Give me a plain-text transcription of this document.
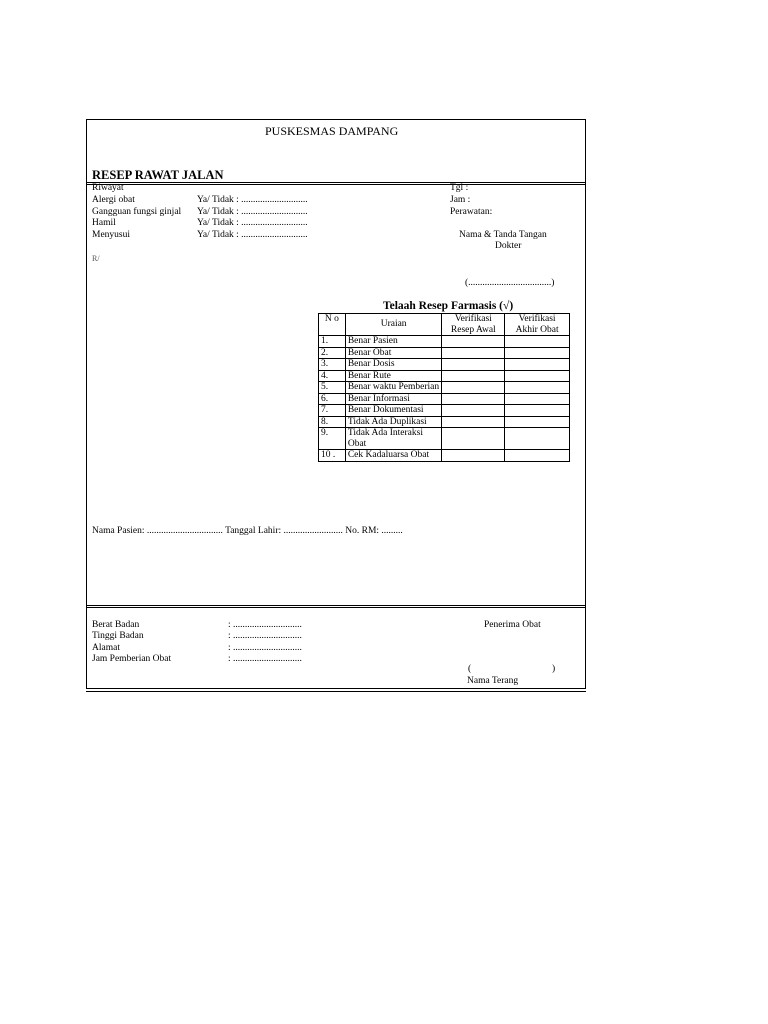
PUSKESMAS DAMPANG
RESEP RAWAT JALAN
Riwayat
Alergi obat	Ya/ Tidak : ............................
Gangguan fungsi ginjal Ya/ Tidak : ............................
Hamil	Ya/ Tidak : ............................
Menyusui	Ya/ Tidak : ............................
Tgl :
Jam :
Perawatan:
Nama & Tanda Tangan
Dokter
(...................................)
R/
Telaah Resep Farmasis (√)
N o	Uraian	Verifikasi Resep Awal	Verifikasi Akhir Obat
1.	Benar Pasien		
2.	Benar Obat		
3.	Benar Dosis		
4.	Benar Rute		
5.	Benar waktu Pemberian		
6.	Benar Informasi		
7.	Benar Dokumentasi		
8.	Tidak Ada Duplikasi		
9.	Tidak Ada Interaksi Obat		
10 .	Cek Kadaluarsa Obat		
Nama Pasien: ................................ Tanggal Lahir: ......................... No. RM: .........
Berat Badan	: .............................
Tinggi Badan	: .............................
Alamat	: .............................
Jam Pemberian Obat	: .............................
Penerima Obat
(	)
Nama Terang
